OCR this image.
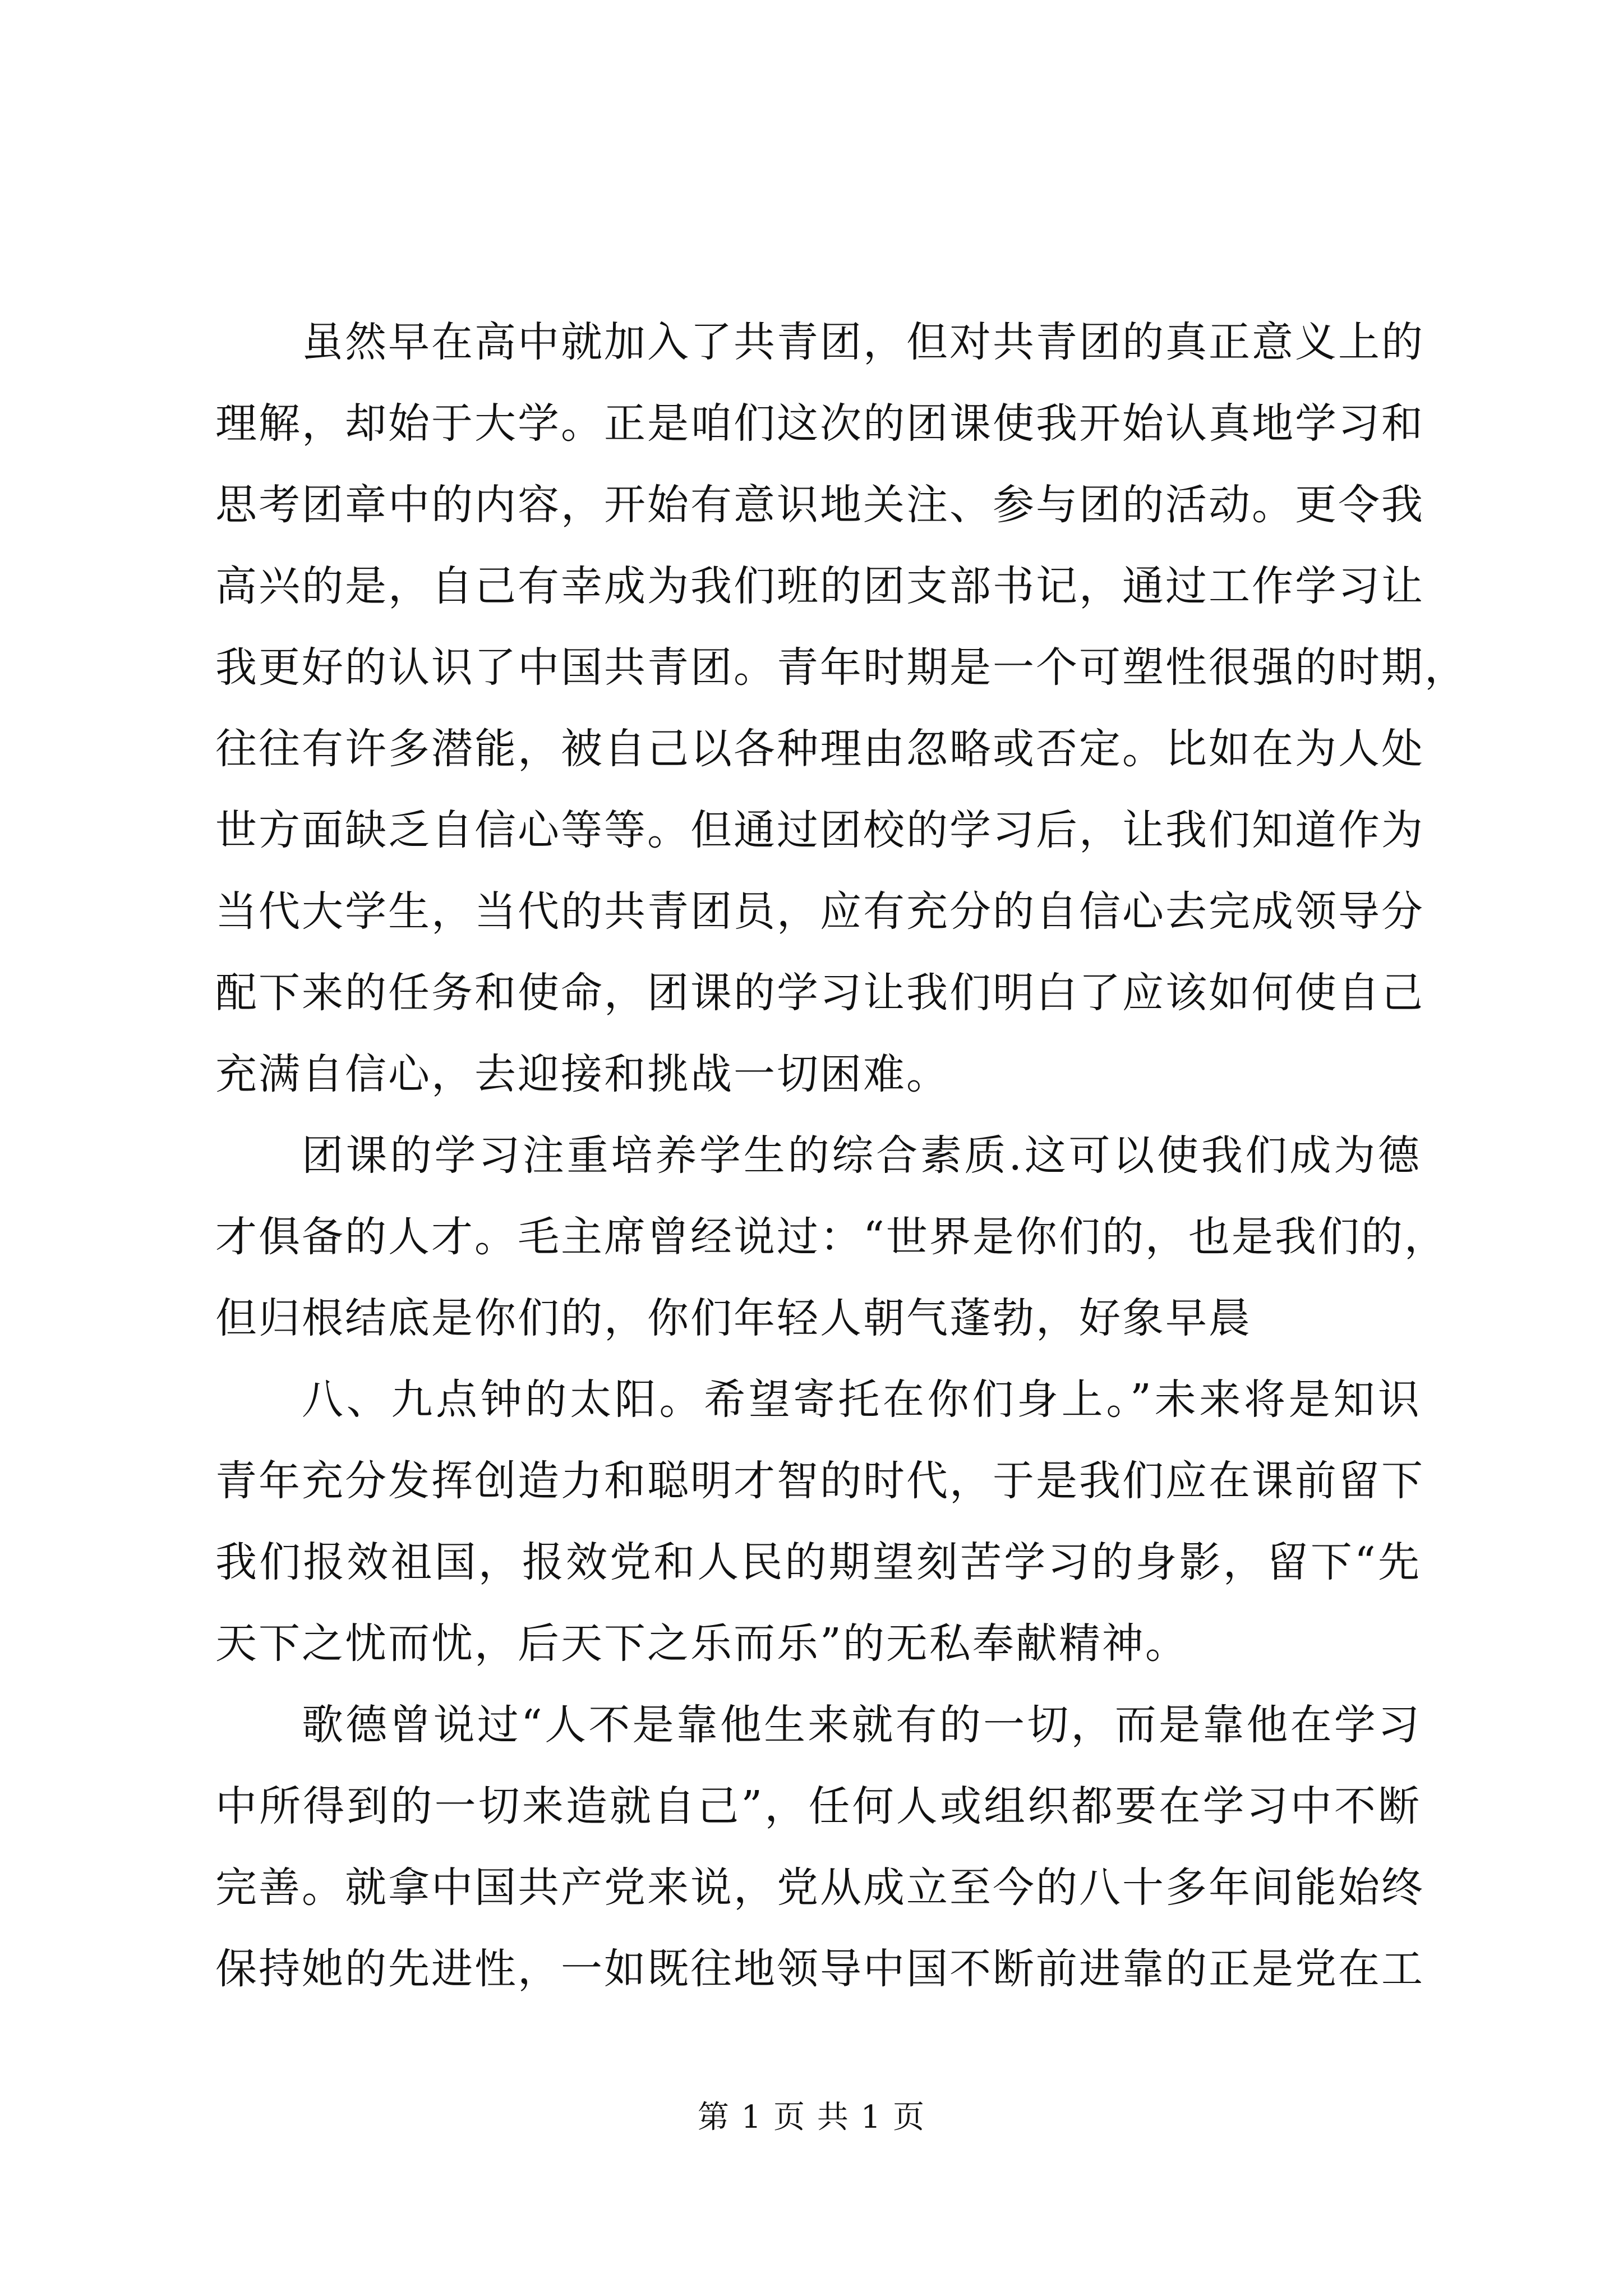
虽然早在高中就加入了共青团，但对共青团的真正意义上的
理解，却始于大学。正是咱们这次的团课使我开始认真地学习和
思考团章中的内容，开始有意识地关注、参与团的活动。更令我
高兴的是，自己有幸成为我们班的团支部书记，通过工作学习让
我更好的认识了中国共青团。青年时期是一个可塑性很强的时期，
往往有许多潜能，被自己以各种理由忽略或否定。比如在为人处
世方面缺乏自信心等等。但通过团校的学习后，让我们知道作为
当代大学生，当代的共青团员，应有充分的自信心去完成领导分
配下来的任务和使命，团课的学习让我们明白了应该如何使自己
充满自信心，去迎接和挑战一切困难。
团课的学习注重培养学生的综合素质.这可以使我们成为德
才俱备的人才。毛主席曾经说过：“世界是你们的，也是我们的，
但归根结底是你们的，你们年轻人朝气蓬勃，好象早晨
八、九点钟的太阳。希望寄托在你们身上。”未来将是知识
青年充分发挥创造力和聪明才智的时代，于是我们应在课前留下
我们报效祖国，报效党和人民的期望刻苦学习的身影，留下“先
天下之忧而忧，后天下之乐而乐”的无私奉献精神。
歌德曾说过“人不是靠他生来就有的一切，而是靠他在学习
中所得到的一切来造就自己”，任何人或组织都要在学习中不断
完善。就拿中国共产党来说，党从成立至今的八十多年间能始终
保持她的先进性，一如既往地领导中国不断前进靠的正是党在工
第 1 页 共 1 页
